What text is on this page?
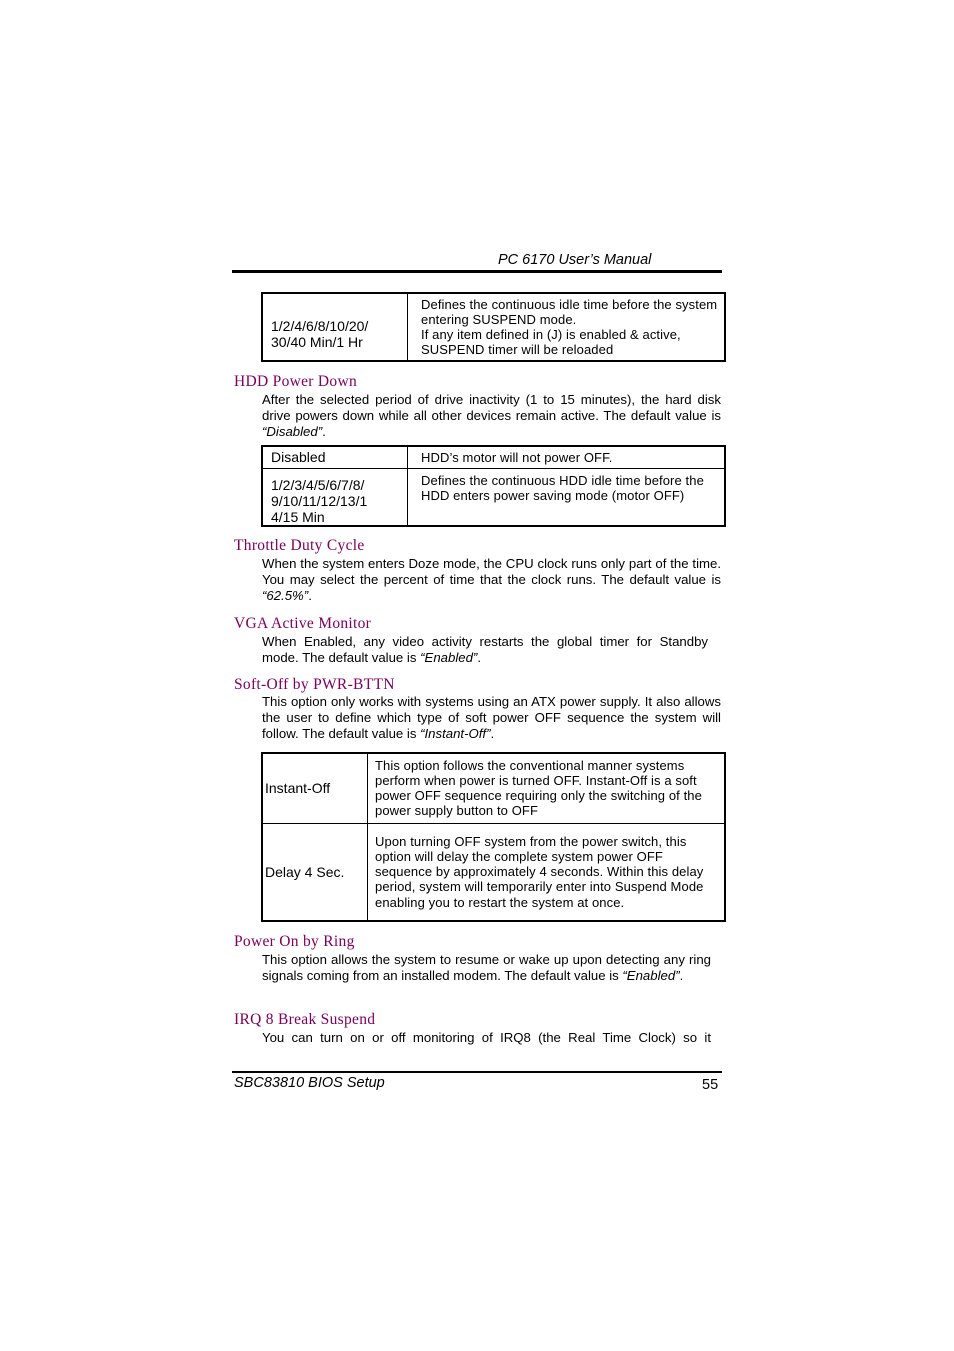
PC 6170 User’s Manual
1/2/4/6/8/10/20/
30/40 Min/1 Hr	Defines the continuous idle time before the system entering SUSPEND mode.
If any item defined in (J) is enabled & active, SUSPEND timer will be reloaded
HDD Power Down
After the selected period of drive inactivity (1 to 15 minutes), the hard disk drive powers down while all other devices remain active. The default value is “Disabled”.
Disabled	HDD’s motor will not power OFF.
1/2/3/4/5/6/7/8/
9/10/11/12/13/1
4/15 Min	Defines the continuous HDD idle time before the HDD enters power saving mode (motor OFF)
Throttle Duty Cycle
When the system enters Doze mode, the CPU clock runs only part of the time. You may select the percent of time that the clock runs. The default value is “62.5%”.
VGA Active Monitor
When Enabled, any video activity restarts the global timer for Standby mode. The default value is “Enabled”.
Soft-Off by PWR-BTTN
This option only works with systems using an ATX power supply. It also allows the user to define which type of soft power OFF sequence the system will follow. The default value is “Instant-Off”.
Instant-Off	This option follows the conventional manner systems perform when power is turned OFF. Instant-Off is a soft power OFF sequence requiring only the switching of the power supply button to OFF
Delay 4 Sec.	Upon turning OFF system from the power switch, this option will delay the complete system power OFF sequence by approximately 4 seconds. Within this delay period, system will temporarily enter into Suspend Mode enabling you to restart the system at once.
Power On by Ring
This option allows the system to resume or wake up upon detecting any ring signals coming from an installed modem. The default value is “Enabled”.
IRQ 8 Break Suspend
You can turn on or off monitoring of IRQ8 (the Real Time Clock) so it
SBC83810 BIOS Setup	55
